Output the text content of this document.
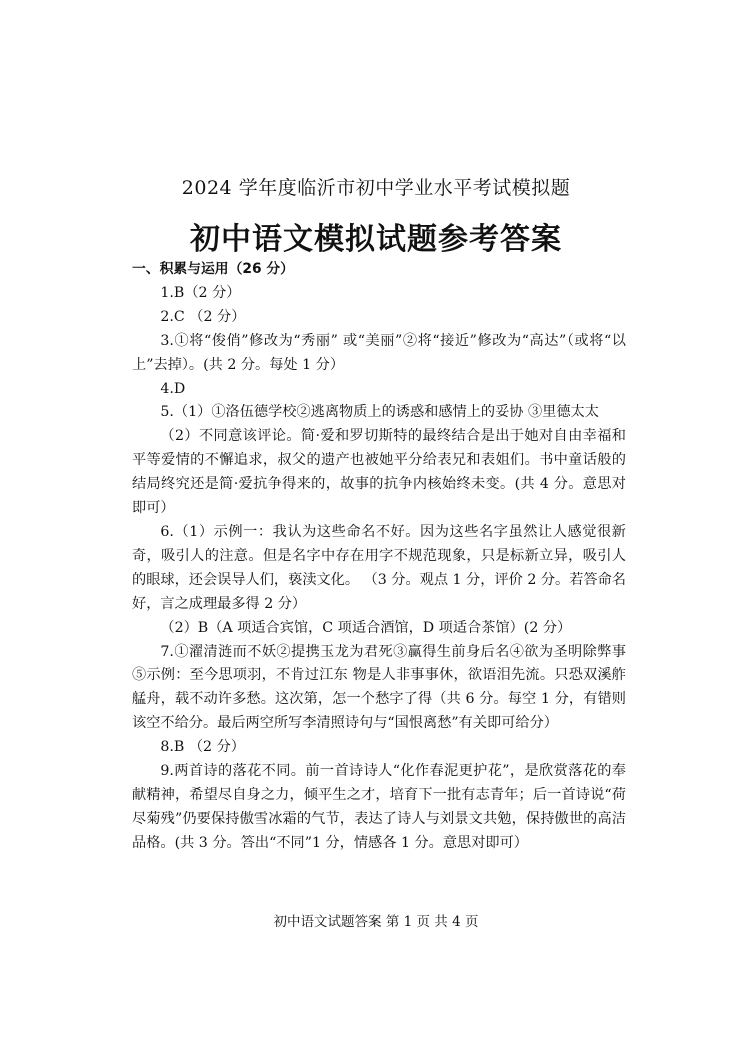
2024 学年度临沂市初中学业水平考试模拟题
初中语文模拟试题参考答案

一、积累与运用（26 分）

1.B（2 分）

2.C （2 分）

3.①将“俊俏”修改为“秀丽” 或“美丽”②将“接近”修改为“高达”（或将“以上”去掉）。(共 2 分。每处 1 分）

4.D

5.（1）①洛伍德学校②逃离物质上的诱惑和感情上的妥协 ③里德太太

（2）不同意该评论。简·爱和罗切斯特的最终结合是出于她对自由幸福和平等爱情的不懈追求，叔父的遗产也被她平分给表兄和表姐们。书中童话般的结局终究还是简·爱抗争得来的，故事的抗争内核始终未变。(共 4 分。意思对即可）

6.（1）示例一：我认为这些命名不好。因为这些名字虽然让人感觉很新奇，吸引人的注意。但是名字中存在用字不规范现象，只是标新立异，吸引人的眼球，还会误导人们，亵渎文化。 （3 分。观点 1 分，评价 2 分。若答命名好，言之成理最多得 2 分）

（2）B（A 项适合宾馆，C 项适合酒馆，D 项适合茶馆）(2 分）

7.①濯清涟而不妖②提携玉龙为君死③赢得生前身后名④欲为圣明除弊事⑤示例：至今思项羽，不肯过江东 物是人非事事休，欲语泪先流。只恐双溪舴艋舟，载不动许多愁。这次第，怎一个愁字了得（共 6 分。每空 1 分，有错则该空不给分。最后两空所写李清照诗句与“国恨离愁”有关即可给分）

8.B （2 分）

9.两首诗的落花不同。前一首诗诗人“化作春泥更护花”，是欣赏落花的奉献精神，希望尽自身之力，倾平生之才，培育下一批有志青年；后一首诗说“荷尽菊残”仍要保持傲雪冰霜的气节，表达了诗人与刘景文共勉，保持傲世的高洁品格。(共 3 分。答出“不同”1 分，情感各 1 分。意思对即可）

初中语文试题答案 第 1 页 共 4 页
